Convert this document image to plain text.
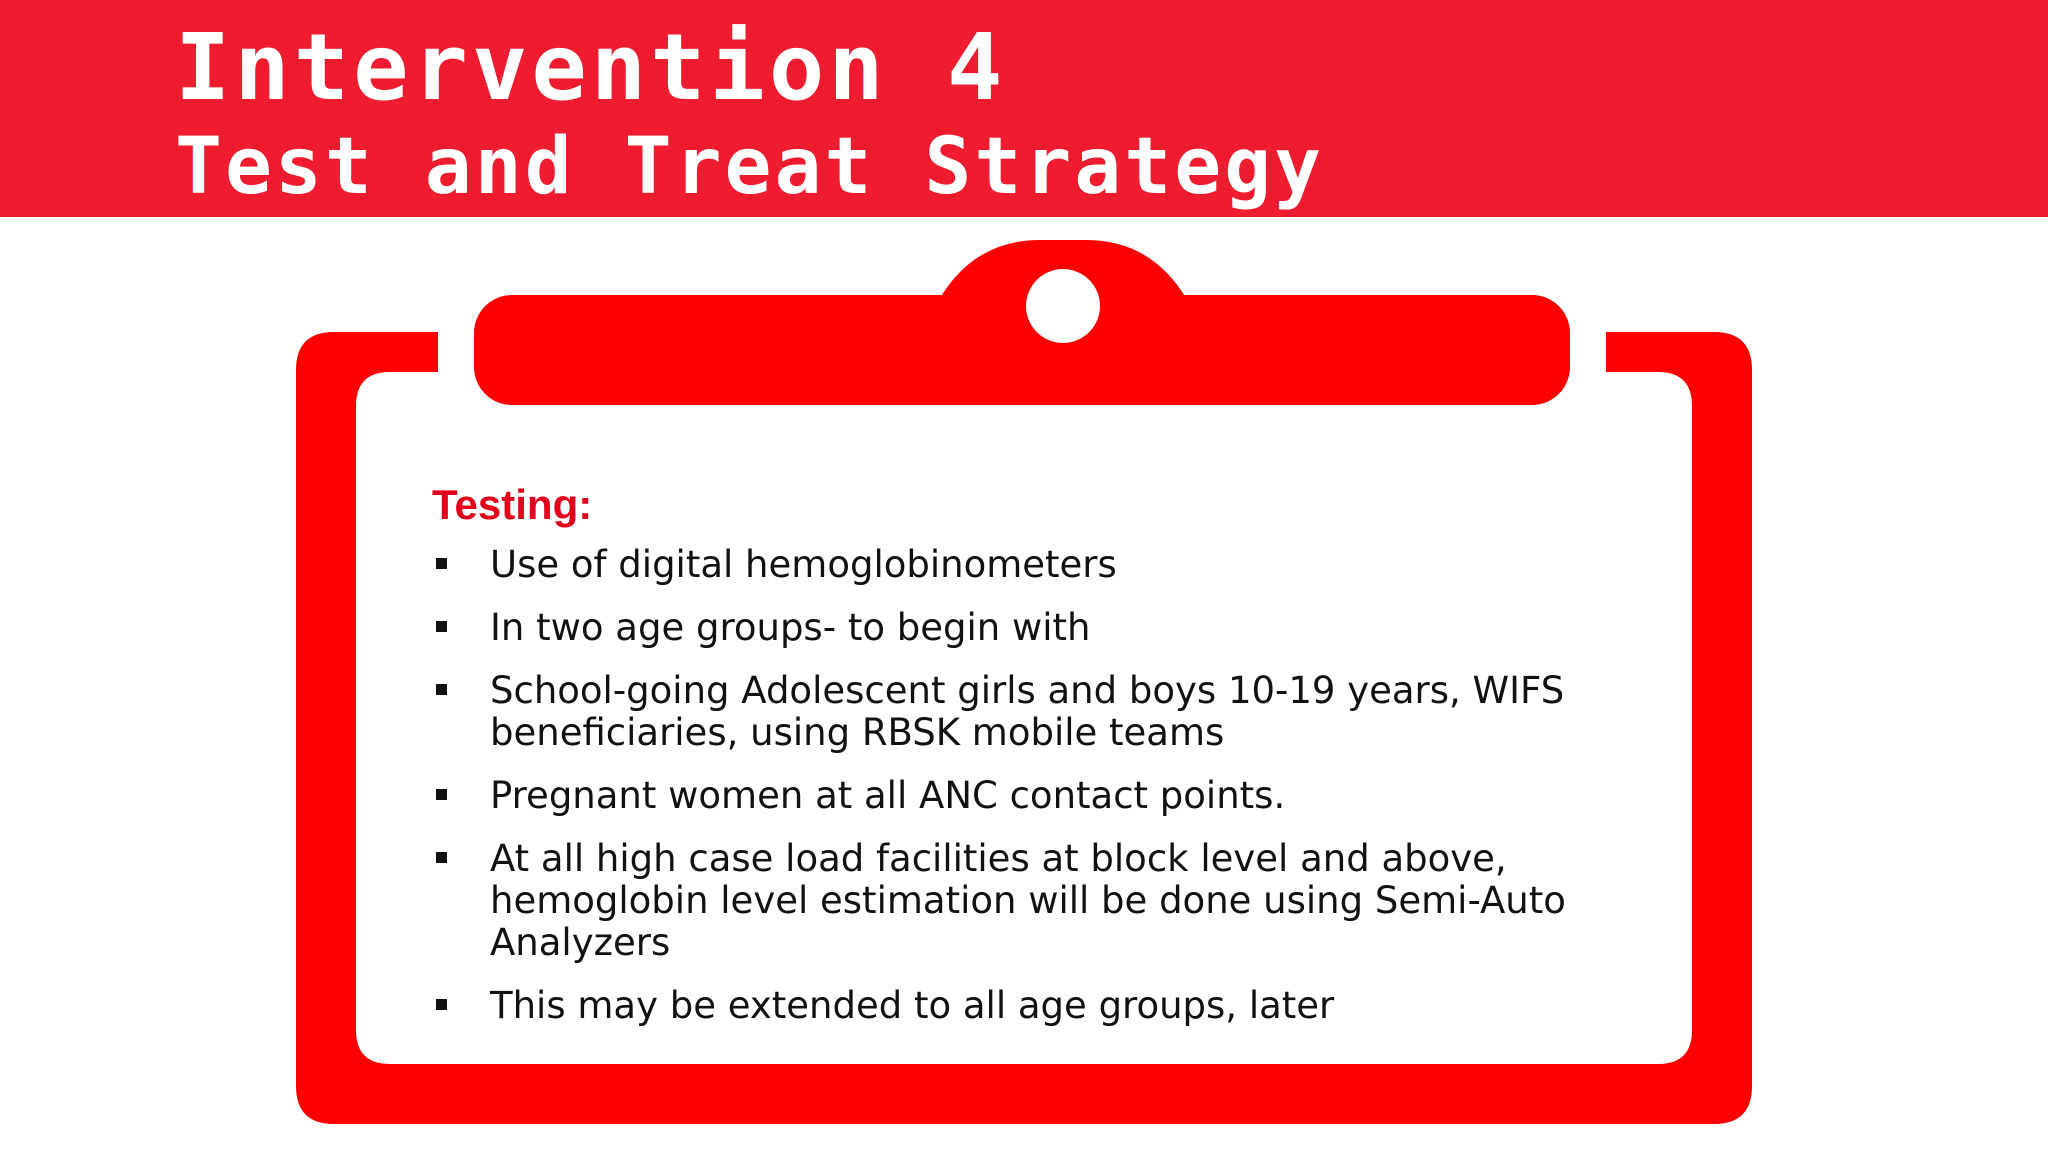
Intervention 4
Test and Treat Strategy
Testing:
Use of digital hemoglobinometers
In two age groups- to begin with
School-going Adolescent girls and boys 10-19 years, WIFS beneficiaries, using RBSK mobile teams
Pregnant women at all ANC contact points.
At all high case load facilities at block level and above, hemoglobin level estimation will be done using Semi-Auto Analyzers
This may be extended to all age groups, later
